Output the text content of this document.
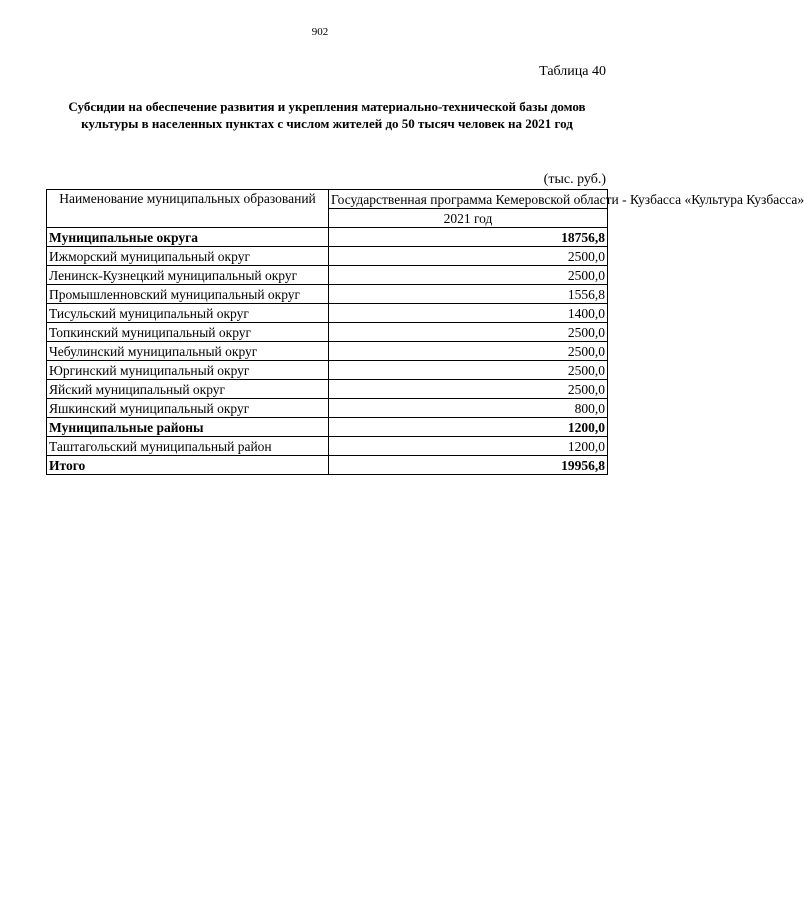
902
Таблица 40
Субсидии на обеспечение развития и укрепления материально-технической базы домов культуры в населенных пунктах с числом жителей до 50 тысяч человек на 2021 год
(тыс. руб.)
Наименование муниципальных образований	Государственная программа Кемеровской области - Кузбасса «Культура Кузбасса»
	2021 год
Муниципальные округа	18756,8
Ижморский муниципальный округ	2500,0
Ленинск-Кузнецкий муниципальный округ	2500,0
Промышленновский муниципальный округ	1556,8
Тисульский муниципальный округ	1400,0
Топкинский муниципальный округ	2500,0
Чебулинский муниципальный округ	2500,0
Юргинский муниципальный округ	2500,0
Яйский муниципальный округ	2500,0
Яшкинский муниципальный округ	800,0
Муниципальные районы	1200,0
Таштагольский муниципальный район	1200,0
Итого	19956,8
